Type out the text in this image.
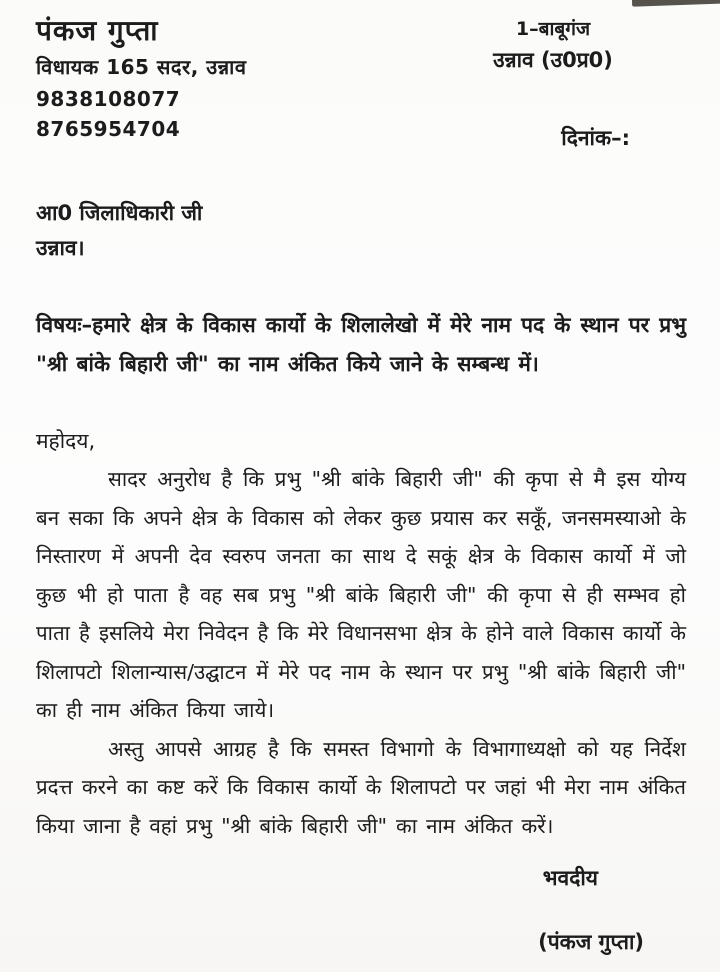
पंकज गुप्ता
विधायक 165 सदर, उन्नाव
9838108077
8765954704
1–बाबूगंज
उन्नाव (उ0प्र0)
दिनांक–:
आ0 जिलाधिकारी जी
उन्नाव।

विषयः–हमारे क्षेत्र के विकास कार्यो के शिलालेखो में मेरे नाम पद के स्थान पर प्रभु "श्री बांके बिहारी जी" का नाम अंकित किये जाने के सम्बन्ध में।

महोदय,

सादर अनुरोध है कि प्रभु "श्री बांके बिहारी जी" की कृपा से मै इस योग्य बन सका कि अपने क्षेत्र के विकास को लेकर कुछ प्रयास कर सकूँ, जनसमस्याओ के निस्तारण में अपनी देव स्वरुप जनता का साथ दे सकूं क्षेत्र के विकास कार्यो में जो कुछ भी हो पाता है वह सब प्रभु "श्री बांके बिहारी जी" की कृपा से ही सम्भव हो पाता है इसलिये मेरा निवेदन है कि मेरे विधानसभा क्षेत्र के होने वाले विकास कार्यो के शिलापटो शिलान्यास/उद्घाटन में मेरे पद नाम के स्थान पर प्रभु "श्री बांके बिहारी जी" का ही नाम अंकित किया जाये।

अस्तु आपसे आग्रह है कि समस्त विभागो के विभागाध्यक्षो को यह निर्देश प्रदत्त करने का कष्ट करें कि विकास कार्यो के शिलापटो पर जहां भी मेरा नाम अंकित किया जाना है वहां प्रभु "श्री बांके बिहारी जी" का नाम अंकित करें।

भवदीय
(पंकज गुप्ता)
